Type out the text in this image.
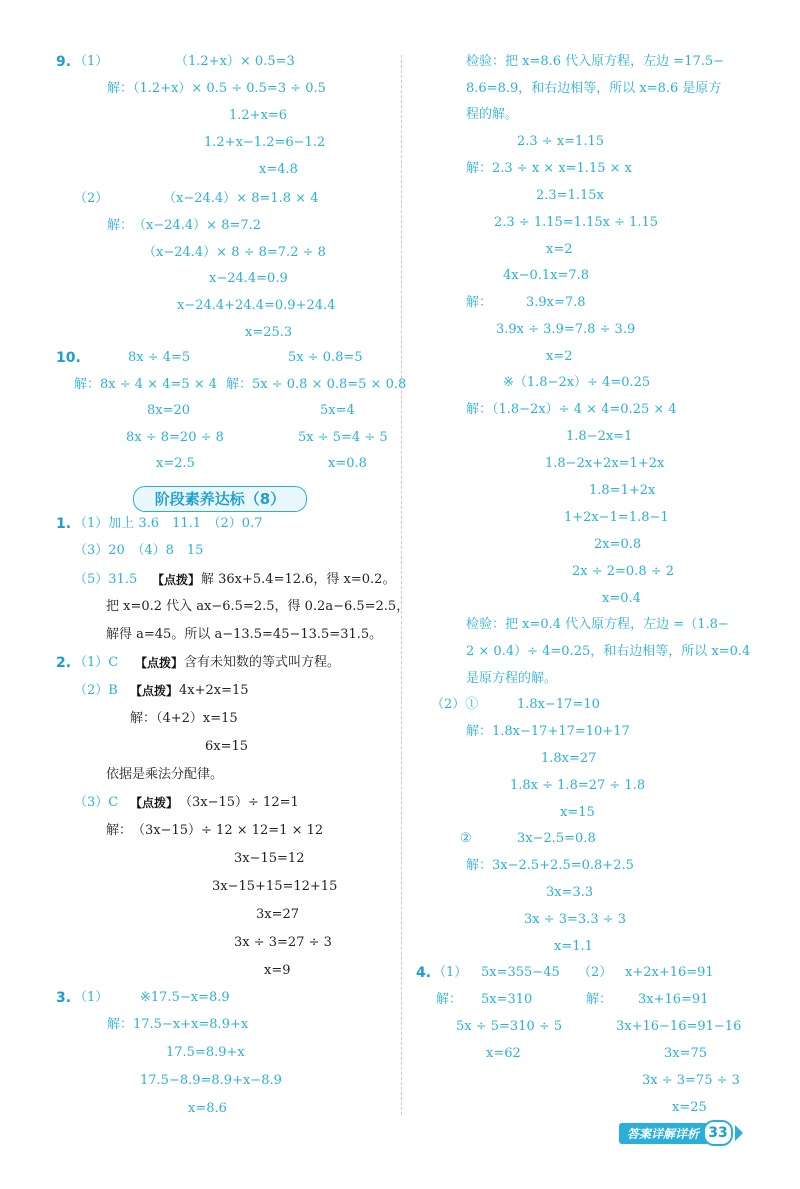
9. （1）	（1.2+x）× 0.5=3
解：（1.2+x）× 0.5 ÷ 0.5=3 ÷ 0.5
1.2+x=6
1.2+x−1.2=6−1.2
x=4.8
（2）	（x−24.4）× 8=1.8 × 4
解：　（x−24.4）× 8=7.2
（x−24.4）× 8 ÷ 8=7.2 ÷ 8
x−24.4=0.9
x−24.4+24.4=0.9+24.4
x=25.3
10.	8x ÷ 4=5	5x ÷ 0.8=5
解：8x ÷ 4 × 4=5 × 4 解：5x ÷ 0.8 × 0.8=5 × 0.8
8x=20	5x=4
8x ÷ 8=20 ÷ 8	5x ÷ 5=4 ÷ 5
x=2.5	x=0.8
阶段素养达标（8）
1. （1）加上 3.6　11.1　（2）0.7
（3）20　（4）8　15
（5）31.5　 【点拨】 解 36x+5.4=12.6，得 x=0.2。
把 x=0.2 代入 ax−6.5=2.5，得 0.2a−6.5=2.5，
解得 a=45。所以 a−13.5=45−13.5=31.5。
2. （1）C　 【点拨】 含有未知数的等式叫方程。
（2）B　 【点拨】 4x+2x=15
解：（4+2）x=15
6x=15
依据是乘法分配律。
（3）C　
【点拨】 （3x−15）÷ 12=1
解：　（3x−15）÷ 12 × 12=1 × 12
3x−15=12
3x−15+15=12+15
3x=27
3x ÷ 3=27 ÷ 3
x=9
3. （1） ※17.5−x=8.9
解：17.5−x+x=8.9+x
17.5=8.9+x
17.5−8.9=8.9+x−8.9
x=8.6
检验：把 x=8.6 代入原方程，左边 =17.5−
8.6=8.9，和右边相等，所以 x=8.6 是原方
程的解。
2.3 ÷ x=1.15
解：2.3 ÷ x × x=1.15 × x
2.3=1.15x
2.3 ÷ 1.15=1.15x ÷ 1.15
x=2
4x−0.1x=7.8
解：	3.9x=7.8
3.9x ÷ 3.9=7.8 ÷ 3.9
x=2
※（1.8−2x）÷ 4=0.25
解：（1.8−2x）÷ 4 × 4=0.25 × 4
1.8−2x=1
1.8−2x+2x=1+2x
1.8=1+2x
1+2x−1=1.8−1
2x=0.8
2x ÷ 2=0.8 ÷ 2
x=0.4
检验：把 x=0.4 代入原方程，左边 =（1.8−
2 × 0.4）÷ 4=0.25，和右边相等，所以 x=0.4
是原方程的解。
（2）①	1.8x−17=10
解：1.8x−17+17=10+17
1.8x=27
1.8x ÷ 1.8=27 ÷ 1.8
x=15
②	3x−2.5=0.8
解：3x−2.5+2.5=0.8+2.5
3x=3.3
3x ÷ 3=3.3 ÷ 3
x=1.1
4. （1） 5x=355−45 （2） x+2x+16=91
解： 5x=310	解： 3x+16=91
5x ÷ 5=310 ÷ 5	3x+16−16=91−16
x=62	3x=75
3x ÷ 3=75 ÷ 3
x=25
答案详解详析 33
